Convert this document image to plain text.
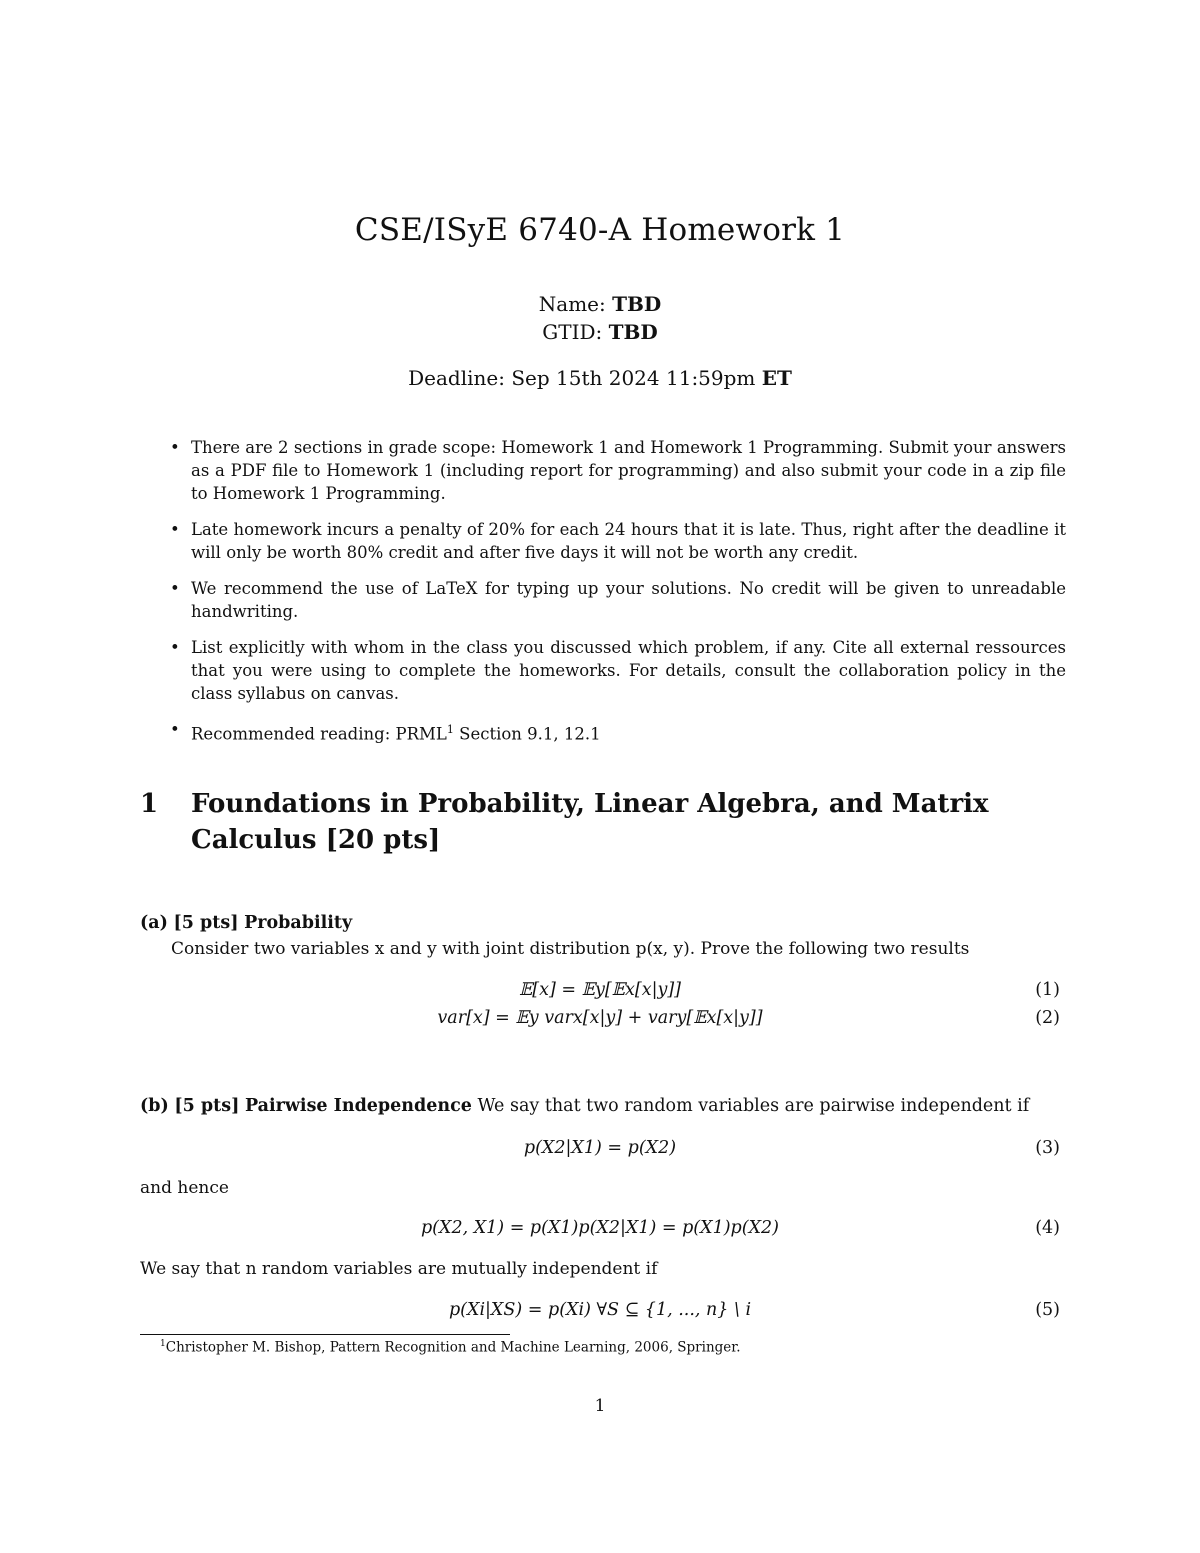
CSE/ISyE 6740-A Homework 1
Name: TBD
GTID: TBD
Deadline: Sep 15th 2024 11:59pm ET
• There are 2 sections in grade scope: Homework 1 and Homework 1 Programming. Submit your answers as a PDF file to Homework 1 (including report for programming) and also submit your code in a zip file to Homework 1 Programming.
• Late homework incurs a penalty of 20% for each 24 hours that it is late. Thus, right after the deadline it will only be worth 80% credit and after five days it will not be worth any credit.
• We recommend the use of LaTeX for typing up your solutions. No credit will be given to unreadable handwriting.
• List explicitly with whom in the class you discussed which problem, if any. Cite all external ressources that you were using to complete the homeworks. For details, consult the collaboration policy in the class syllabus on canvas.
• Recommended reading: PRML$^1$ Section 9.1, 12.1
1 Foundations in Probability, Linear Algebra, and Matrix Calculus [20 pts]
(a) [5 pts] Probability
Consider two variables x and y with joint distribution p(x, y). Prove the following two results
𝔼[x] = 𝔼y[𝔼x[x|y]]	(1)
var[x] = 𝔼y varx[x|y] + vary[𝔼x[x|y]]	(2)
(b) [5 pts] Pairwise Independence We say that two random variables are pairwise independent if
p(X2|X1) = p(X2)	(3)
and hence
p(X2, X1) = p(X1)p(X2|X1) = p(X1)p(X2)	(4)
We say that n random variables are mutually independent if
p(Xi|XS) = p(Xi) ∀S ⊆ {1, ..., n} \ i	(5)
$^1$Christopher M. Bishop, Pattern Recognition and Machine Learning, 2006, Springer.
1
